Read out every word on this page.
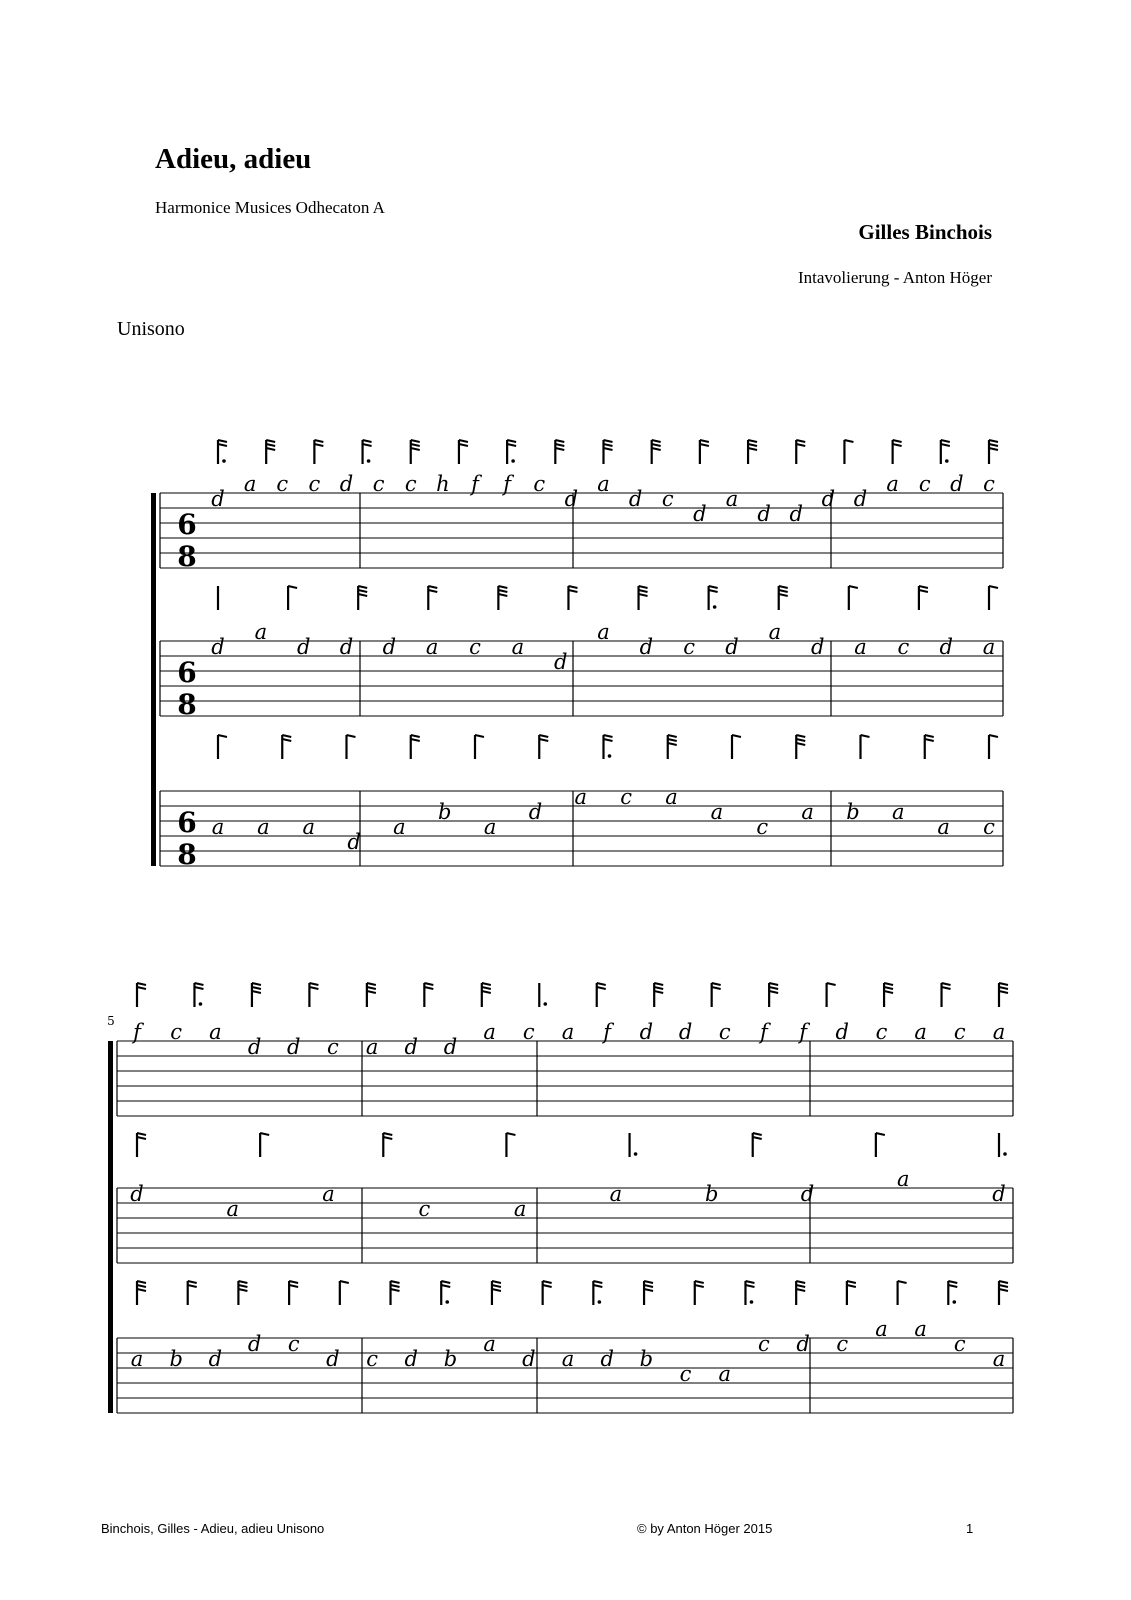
Adieu, adieu
Harmonice Musices Odhecaton A
Gilles Binchois
Intavolierung - Anton Höger
Unisono
6
8
d
a c c d c c h f f c
d
a
d c
d
a
d d
d d
a c d c
6
8
d
a
d d d a c a
d
a
d c d
a
d a c d a
6
8
a a a
d
a
b
a
d
a c a
a
c
a b a
a c
5 f c a
d d c a d d
a c a f d d c f f d c a c a
d
a
a
c	a
a	b	d
a
d
a b d
d c
d c d b
a
d a d b
c a
c d c
a a
c
a
Binchois, Gilles - Adieu, adieu Unisono	© by Anton Höger 2015	1
